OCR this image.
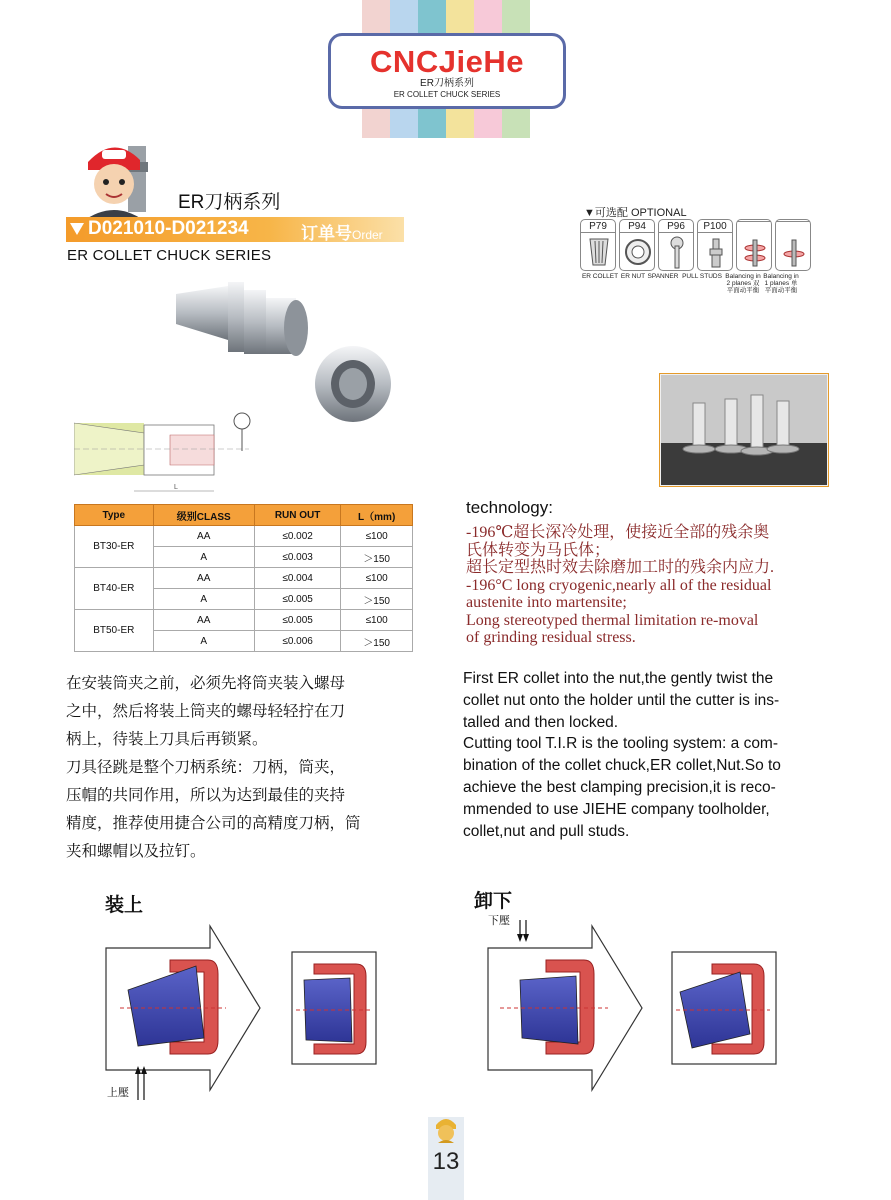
CNCJieHe
ER刀柄系列
ER COLLET CHUCK SERIES
ER刀柄系列
D021010-D021234	订单号Order NO.
ER COLLET CHUCK SERIES
▼可选配 OPTIONAL
P79	P94	P96	P100
ER COLLET ER NUT SPANNER PULL STUDS Balancing in 2 planes 双平面动平衡
Balancing in 1 planes 单平面动平衡
L
Type	级别CLASS	RUN OUT	L（mm)
BT30-ER	AA	≤0.002	≤100
	A	≤0.003	＞150
BT40-ER	AA	≤0.004	≤100
	A	≤0.005	＞150
BT50-ER	AA	≤0.005	≤100
	A	≤0.006	＞150
technology:
-196℃超长深冷处理，使接近全部的残余奥
氏体转变为马氏体；
超长定型热时效去除磨加工时的残余内应力.
-196°C long cryogenic,nearly all of the residual
austenite into martensite;
Long stereotyped thermal limitation re-moval
of grinding residual stress.
在安装筒夹之前，必须先将筒夹装入螺母
之中，然后将装上筒夹的螺母轻轻拧在刀
柄上，待装上刀具后再锁紧。
刀具径跳是整个刀柄系统：刀柄，筒夹，
压帽的共同作用，所以为达到最佳的夹持
精度，推荐使用捷合公司的高精度刀柄，筒
夹和螺帽以及拉钉。
First ER collet into the nut,the gently twist the
collet nut onto the holder until the cutter is ins-
talled and then locked.
Cutting tool T.I.R is the tooling system: a com-
bination of the collet chuck,ER collet,Nut.So to
achieve the best clamping precision,it is reco-
mmended to use JIEHE company toolholder,
collet,nut and pull studs.
装上	卸下
下壓
上壓
13
